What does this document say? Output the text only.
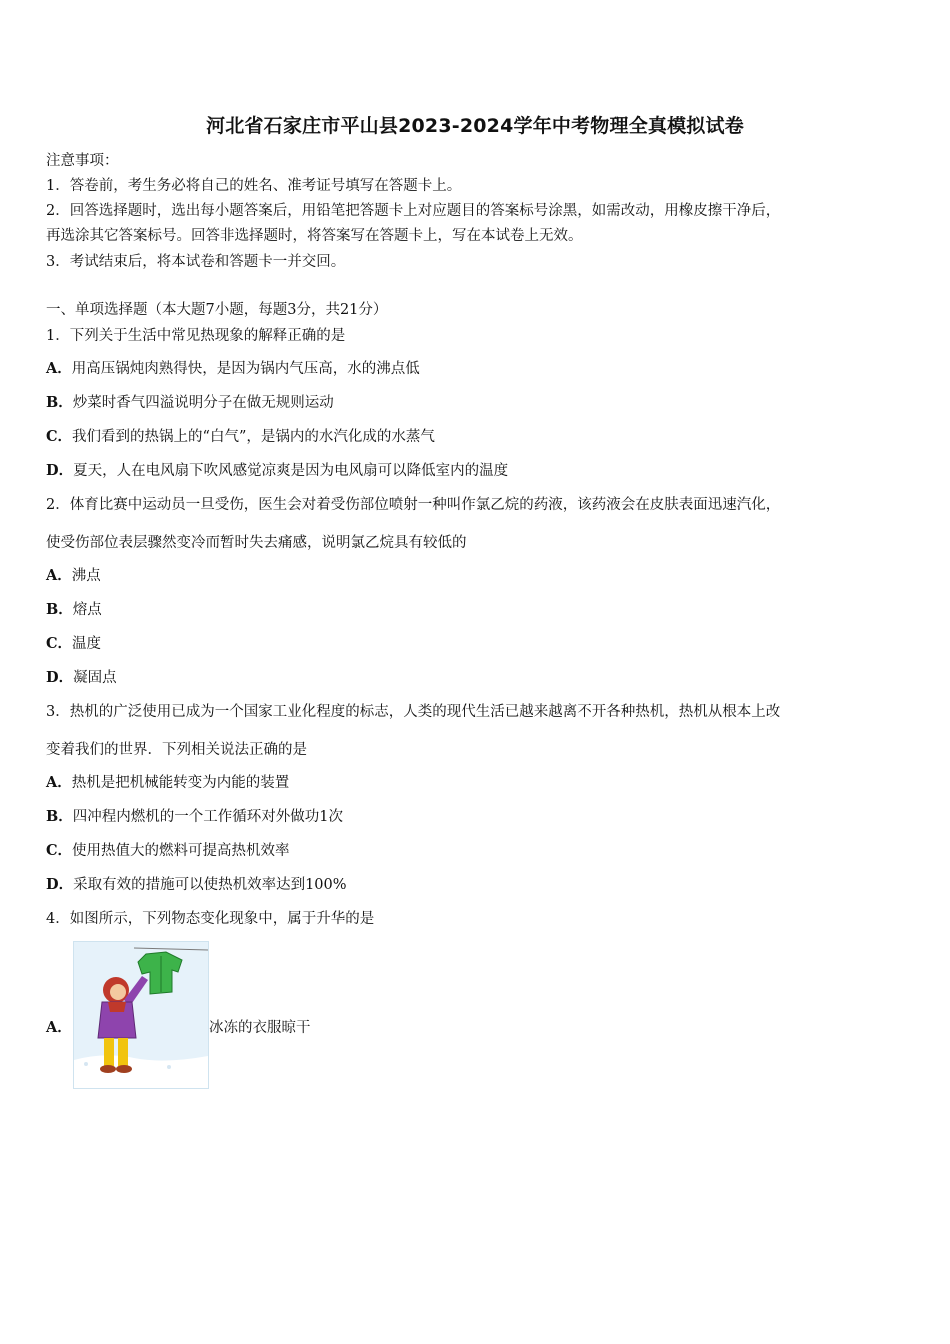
河北省石家庄市平山县2023-2024学年中考物理全真模拟试卷
注意事项：
1．答卷前，考生务必将自己的姓名、准考证号填写在答题卡上。
2．回答选择题时，选出每小题答案后，用铅笔把答题卡上对应题目的答案标号涂黑，如需改动，用橡皮擦干净后，
再选涂其它答案标号。回答非选择题时，将答案写在答题卡上，写在本试卷上无效。
3．考试结束后，将本试卷和答题卡一并交回。
一、单项选择题（本大题7小题，每题3分，共21分）
1．下列关于生活中常见热现象的解释正确的是
A．用高压锅炖肉熟得快，是因为锅内气压高，水的沸点低
B．炒菜时香气四溢说明分子在做无规则运动
C．我们看到的热锅上的“白气”，是锅内的水汽化成的水蒸气
D．夏天，人在电风扇下吹风感觉凉爽是因为电风扇可以降低室内的温度
2．体育比赛中运动员一旦受伤，医生会对着受伤部位喷射一种叫作氯乙烷的药液，该药液会在皮肤表面迅速汽化，
使受伤部位表层骤然变冷而暂时失去痛感，说明氯乙烷具有较低的
A．沸点
B．熔点
C．温度
D．凝固点
3．热机的广泛使用已成为一个国家工业化程度的标志，人类的现代生活已越来越离不开各种热机，热机从根本上改
变着我们的世界．下列相关说法正确的是
A．热机是把机械能转变为内能的装置
B．四冲程内燃机的一个工作循环对外做功1次
C．使用热值大的燃料可提高热机效率
D．采取有效的措施可以使热机效率达到100%
4．如图所示，下列物态变化现象中，属于升华的是
A．	冰冻的衣服晾干
